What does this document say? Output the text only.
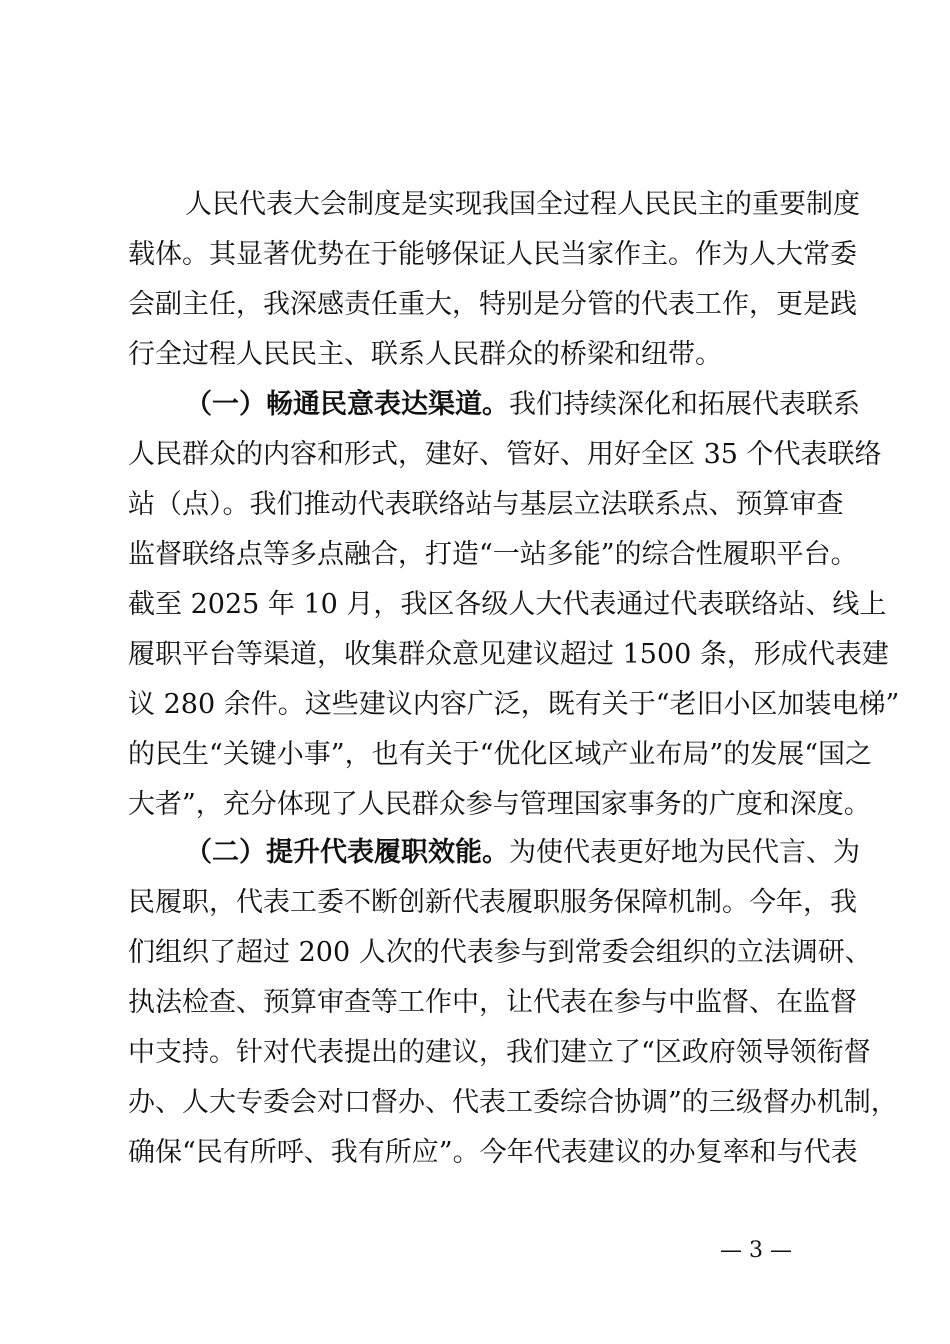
人民代表大会制度是实现我国全过程人民民主的重要制度
载体。其显著优势在于能够保证人民当家作主。作为人大常委
会副主任，我深感责任重大，特别是分管的代表工作，更是践
行全过程人民民主、联系人民群众的桥梁和纽带。
（一）畅通民意表达渠道。我们持续深化和拓展代表联系
人民群众的内容和形式，建好、管好、用好全区 35 个代表联络
站（点）。我们推动代表联络站与基层立法联系点、预算审查
监督联络点等多点融合，打造“一站多能”的综合性履职平台。
截至 2025 年 10 月，我区各级人大代表通过代表联络站、线上
履职平台等渠道，收集群众意见建议超过 1500 条，形成代表建
议 280 余件。这些建议内容广泛，既有关于“老旧小区加装电梯”
的民生“关键小事”，也有关于“优化区域产业布局”的发展“国之
大者”，充分体现了人民群众参与管理国家事务的广度和深度。
（二）提升代表履职效能。为使代表更好地为民代言、为
民履职，代表工委不断创新代表履职服务保障机制。今年，我
们组织了超过 200 人次的代表参与到常委会组织的立法调研、
执法检查、预算审查等工作中，让代表在参与中监督、在监督
中支持。针对代表提出的建议，我们建立了“区政府领导领衔督
办、人大专委会对口督办、代表工委综合协调”的三级督办机制，
确保“民有所呼、我有所应”。今年代表建议的办复率和与代表
— 3 —
